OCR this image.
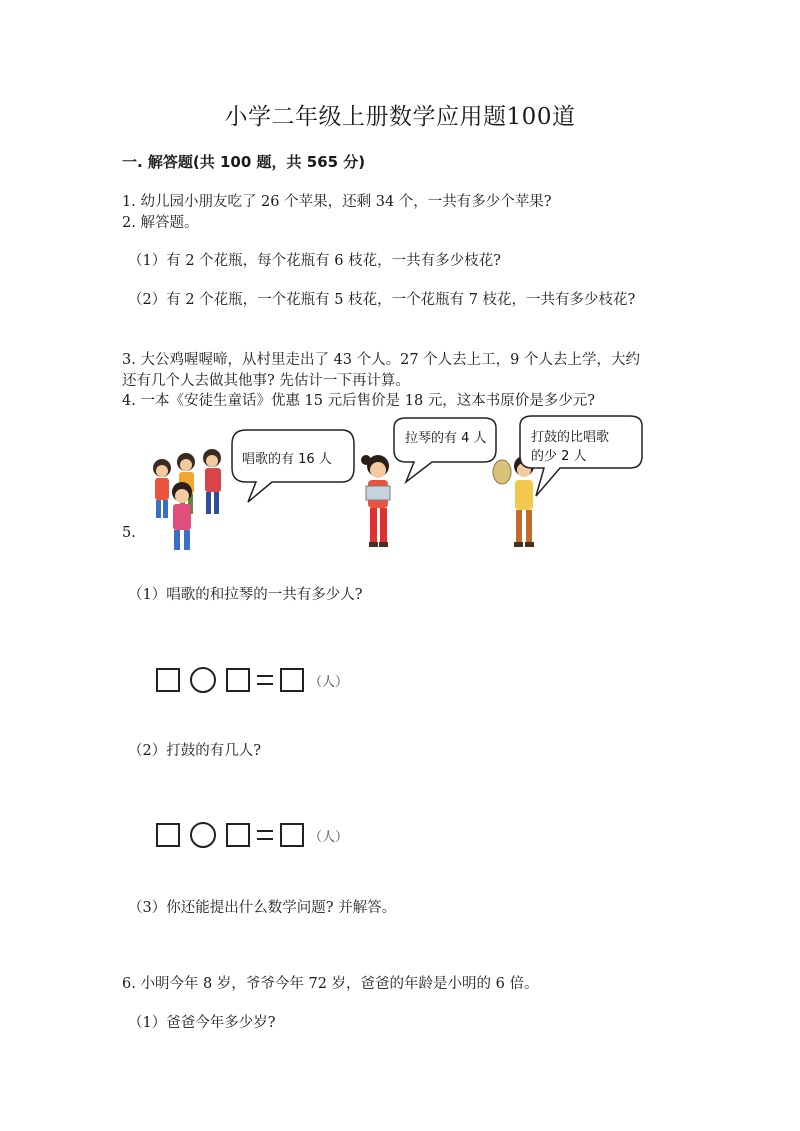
小学二年级上册数学应用题100道
一. 解答题(共 100 题，共 565 分)
1. 幼儿园小朋友吃了 26 个苹果，还剩 34 个，一共有多少个苹果?
2. 解答题。
（1）有 2 个花瓶，每个花瓶有 6 枝花，一共有多少枝花?
（2）有 2 个花瓶，一个花瓶有 5 枝花，一个花瓶有 7 枝花，一共有多少枝花?
3. 大公鸡喔喔啼，从村里走出了 43 个人。27 个人去上工，9 个人去上学，大约
还有几个人去做其他事? 先估计一下再计算。
4. 一本《安徒生童话》优惠 15 元后售价是 18 元，这本书原价是多少元?
5.
唱歌的有 16 人
拉琴的有 4 人	打鼓的比唱歌
的少 2 人
（1）唱歌的和拉琴的一共有多少人?
（人）
（2）打鼓的有几人?
（人）
（3）你还能提出什么数学问题? 并解答。
6. 小明今年 8 岁，爷爷今年 72 岁，爸爸的年龄是小明的 6 倍。
（1）爸爸今年多少岁?
